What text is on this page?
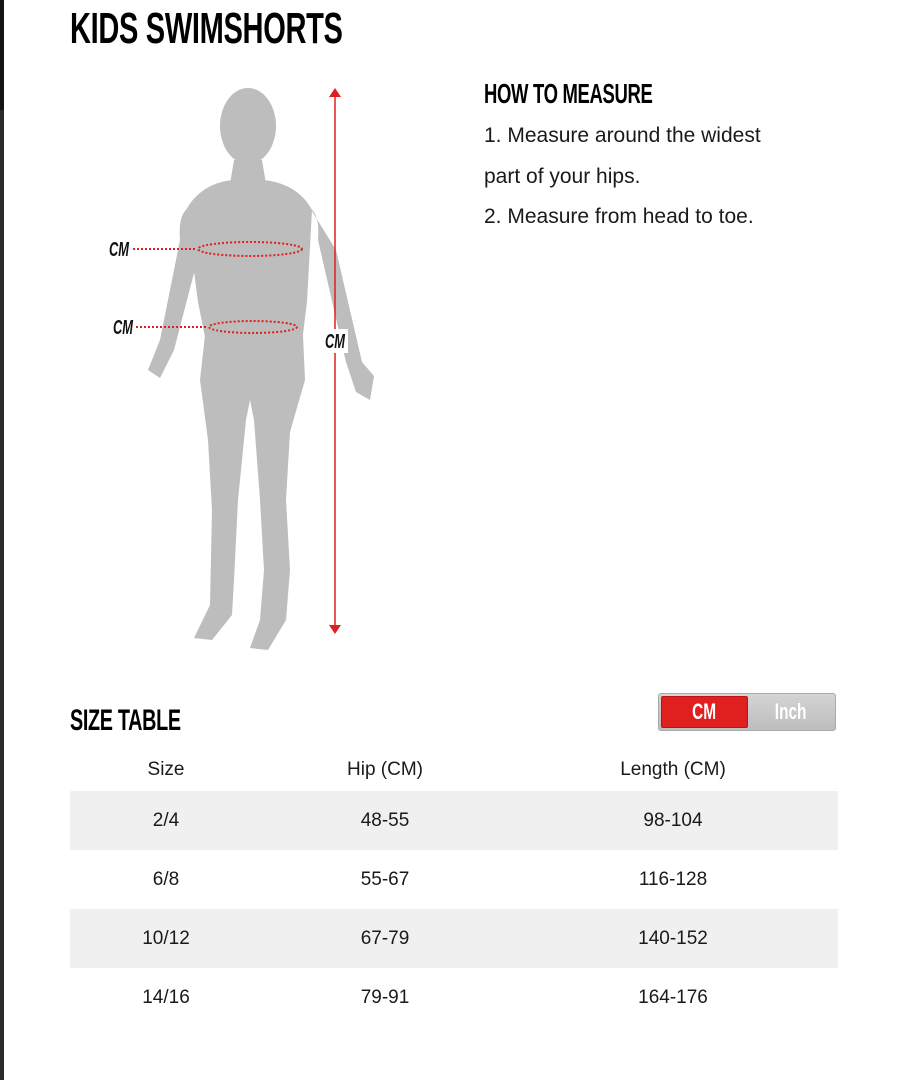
KIDS SWIMSHORTS
CM
CM
CM
HOW TO MEASURE

1. Measure around the widest

part of your hips.

2. Measure from head to toe.

SIZE TABLE	CM	Inch
Size	Hip (CM)	Length (CM)
2/4	48-55	98-104
6/8	55-67	116-128
10/12	67-79	140-152
14/16	79-91	164-176
